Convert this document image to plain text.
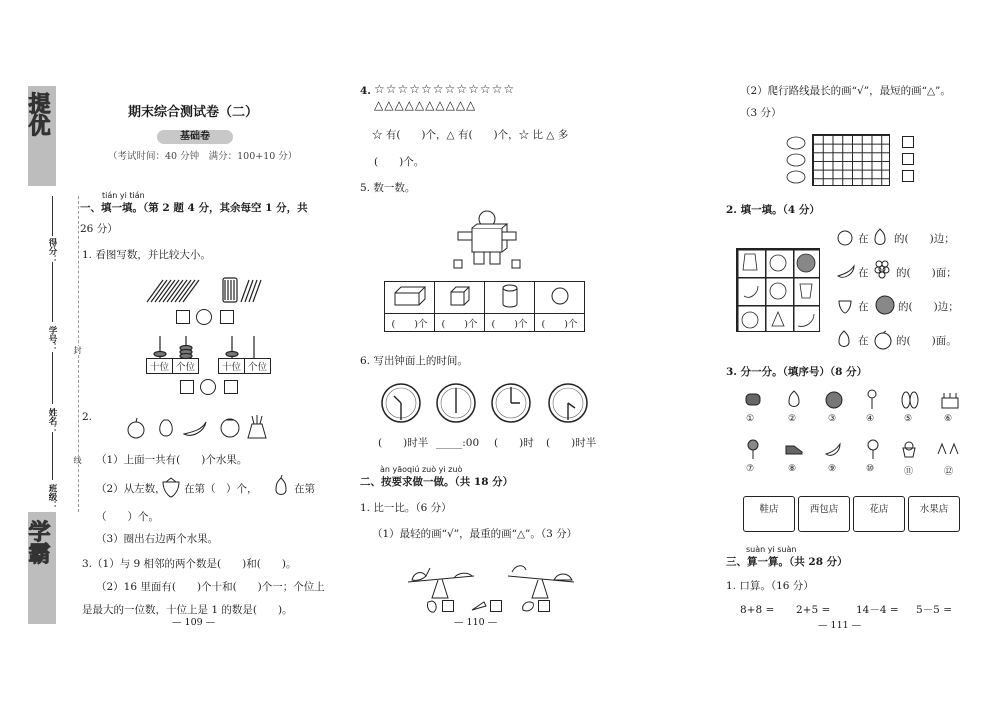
提优
学霸
得分：
学号：
姓名：
班级：
封
线
期末综合测试卷（二）
基础卷
（考试时间：40 分钟　满分：100+10 分）
tián yi tián
一、填一填。（第 2 题 4 分，其余每空 1 分，共
26 分）
1. 看图写数，并比较大小。
十位	个位	十位	个位
2.
（1）上面一共有(　　)个水果。
（2）从左数， 在第（　）个，	在第
（　　）个。
（3）圈出右边两个水果。
3.（1）与 9 相邻的两个数是(　　)和(　　)。
（2）16 里面有(　　)个十和(　　)个一；个位上
是最大的一位数，十位上是 1 的数是(　　)。
— 109 —
4. ☆☆☆☆☆☆☆☆☆☆☆☆
△△△△△△△△△△
☆ 有(　　)个，△ 有(　　)个，☆ 比 △ 多
(　　)个。
5. 数一数。

(　　)个	(　　)个	(　　)个	(　　)个
6. 写出钟面上的时间。
(　　)时半 _____:00 (　　)时 (　　)时半
àn yāoqiú zuò yi zuò
二、按要求做一做。（共 18 分）
1. 比一比。（6 分）
（1）最轻的画“√”，最重的画“△”。（3 分）
— 110 —
（2）爬行路线最长的画“√”，最短的画“△”。
（3 分）
2. 填一填。（4 分）
在 的(　　)边；
在	的(　　)面；
在	的(　　)边；
在	的(　　)面。
3. 分一分。（填序号）（8 分）
①	②	③	④	⑤	⑥
⑦	⑧	⑨	⑩	⑪	⑫
鞋店	西包店	花店	水果店
suàn yi suàn
三、算一算。（共 28 分）
1. 口算。（16 分）
8+8 = 2+5 = 14－4 = 5－5 =
— 111 —
